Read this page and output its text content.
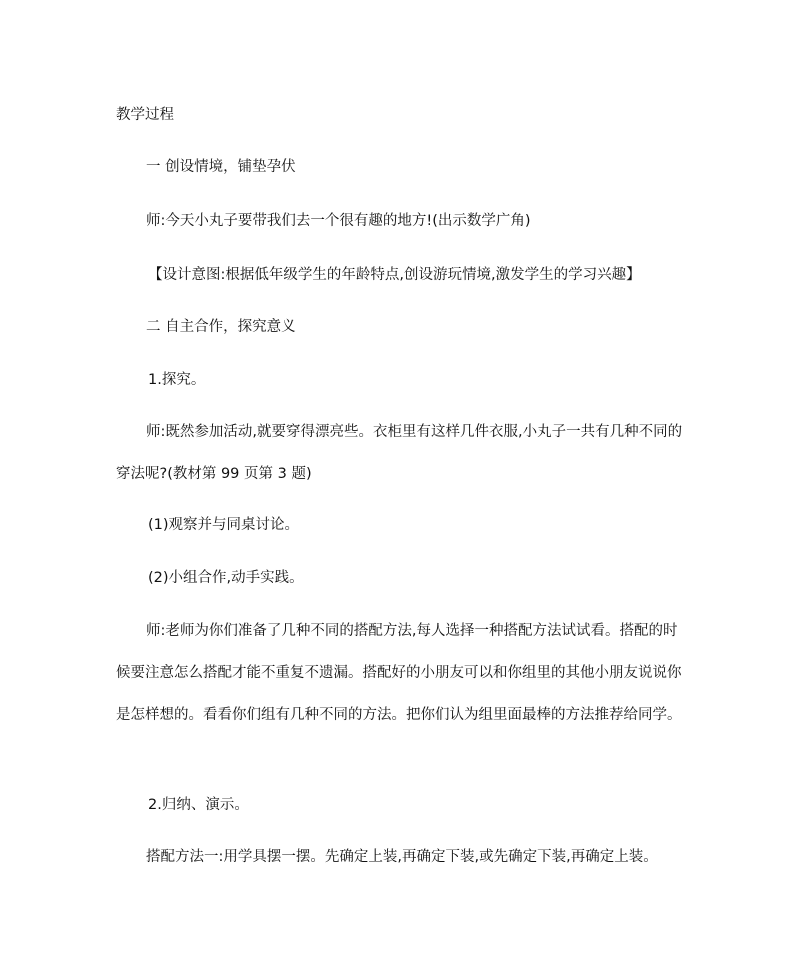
教学过程

一 创设情境，铺垫孕伏

师:今天小丸子要带我们去一个很有趣的地方!(出示数学广角)

【设计意图:根据低年级学生的年龄特点,创设游玩情境,激发学生的学习兴趣】

二 自主合作，探究意义

1.探究。

师:既然参加活动,就要穿得漂亮些。衣柜里有这样几件衣服,小丸子一共有几种不同的穿法呢?(教材第 99 页第 3 题)

(1)观察并与同桌讨论。

(2)小组合作,动手实践。

师:老师为你们准备了几种不同的搭配方法,每人选择一种搭配方法试试看。搭配的时候要注意怎么搭配才能不重复不遗漏。搭配好的小朋友可以和你组里的其他小朋友说说你是怎样想的。看看你们组有几种不同的方法。把你们认为组里面最棒的方法推荐给同学。

2.归纳、演示。

搭配方法一:用学具摆一摆。先确定上装,再确定下装,或先确定下装,再确定上装。
